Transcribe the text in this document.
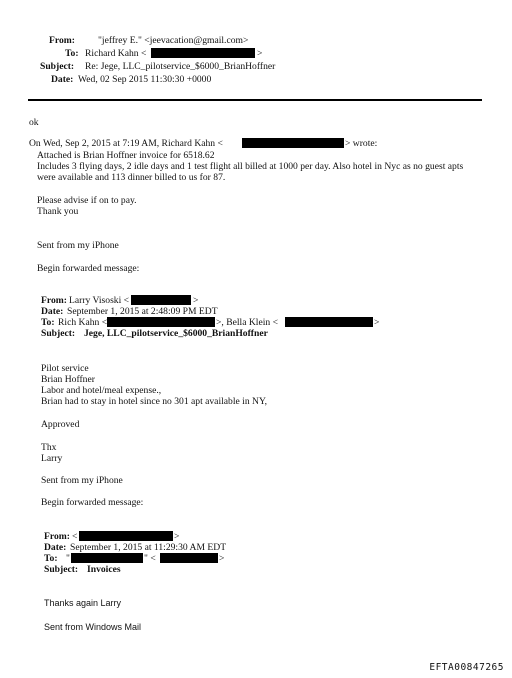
From: "jeffrey E." <jeevacation@gmail.com>
To: Richard Kahn <	>
Subject: Re: Jege, LLC_pilotservice_$6000_BrianHoffner
Date: Wed, 02 Sep 2015 11:30:30 +0000
ok
On Wed, Sep 2, 2015 at 7:19 AM, Richard Kahn <	> wrote:
Attached is Brian Hoffner invoice for 6518.62
Includes 3 flying days, 2 idle days and 1 test flight all billed at 1000 per day. Also hotel in Nyc as no guest apts
were available and 113 dinner billed to us for 87.
Please advise if on to pay.
Thank you
Sent from my iPhone
Begin forwarded message:
From: Larry Visoski <	>
Date: September 1, 2015 at 2:48:09 PM EDT
To: Rich Kahn <	>, Bella Klein <	>
Subject: Jege, LLC_pilotservice_$6000_BrianHoffner
Pilot service
Brian Hoffner
Labor and hotel/meal expense.,
Brian had to stay in hotel since no 301 apt available in NY,
Approved
Thx
Larry
Sent from my iPhone
Begin forwarded message:
From: <	>
Date: September 1, 2015 at 11:29:30 AM EDT
To: "	" <	>
Subject: Invoices
Thanks again Larry
Sent from Windows Mail
EFTA00847265
